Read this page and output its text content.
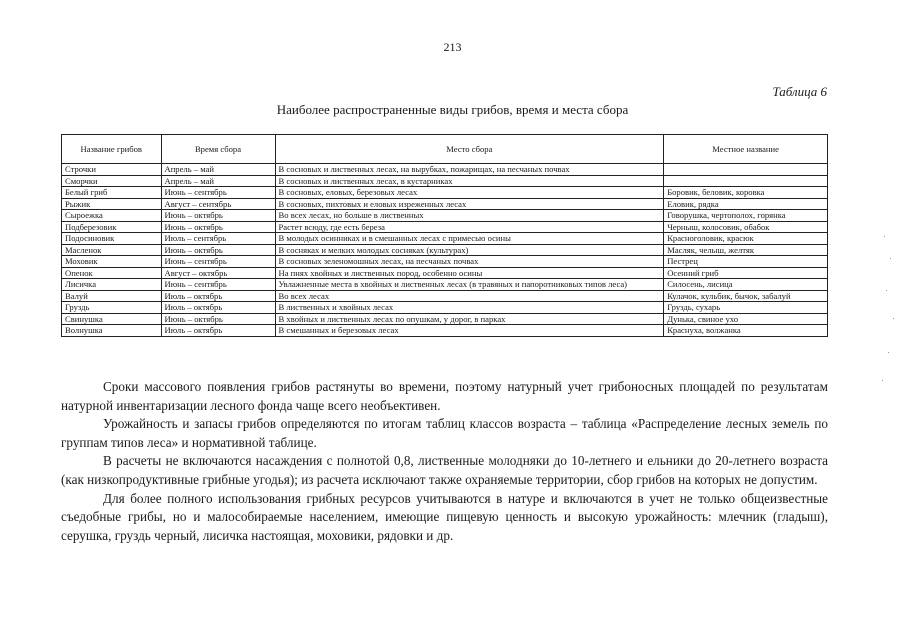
213
Таблица 6
Наиболее распространенные виды грибов, время и места сбора
Название грибов	Время сбора	Место сбора	Местное название
Строчки	Апрель – май	В сосновых и лиственных лесах, на вырубках, пожарищах, на песчаных почвах	
Сморчки	Апрель – май	В сосновых и лиственных лесах, в кустарниках	
Белый гриб	Июнь – сентябрь	В сосновых, еловых, березовых лесах	Боровик, беловик, коровка
Рыжик	Август – сентябрь	В сосновых, пихтовых и еловых изреженных лесах	Еловик, рядка
Сыроежка	Июнь – октябрь	Во всех лесах, но больше в лиственных	Говорушка, чертополох, горянка
Подберезовик	Июнь – октябрь	Растет всюду, где есть береза	Черныш, колосовик, обабок
Подосиновик	Июль – сентябрь	В молодых осинниках и в смешанных лесах с примесью осины	Красноголовик, красюк
Масленок	Июнь – октябрь	В сосняках и мелких молодых сосняках (культурах)	Масляк, челыш, желтяк
Моховик	Июнь – сентябрь	В сосновых зеленомошных лесах, на песчаных почвах	Пестрец
Опенок	Август – октябрь	На пнях хвойных и лиственных пород, особенно осины	Осенний гриб
Лисичка	Июнь – сентябрь	Увлажненные места в хвойных и лиственных лесах (в травяных и папоротниковых типов леса)	Силосень, лисица
Валуй	Июль – октябрь	Во всех лесах	Кулачок, кульбик, бычок, забалуй
Груздь	Июль – октябрь	В лиственных и хвойных лесах	Груздь, сухарь
Свинушка	Июнь – октябрь	В хвойных и лиственных лесах по опушкам, у дорог, в парках	Дунька, свиное ухо
Волнушка	Июль – октябрь	В смешанных и березовых лесах	Краснуха, волжанка

Сроки массового появления грибов растянуты во времени, поэтому натурный учет грибоносных площадей по результатам натурной инвентаризации лесного фонда чаще всего необъективен.

Урожайность и запасы грибов определяются по итогам таблиц классов возраста – таблица «Распределение лесных земель по группам типов леса» и нормативной таблице.

В расчеты не включаются насаждения с полнотой 0,8, лиственные молодняки до 10-летнего и ельники до 20-летнего возраста (как низкопродуктивные грибные угодья); из расчета исключают также охраняемые территории, сбор грибов на которых не допустим.

Для более полного использования грибных ресурсов учитываются в натуре и включаются в учет не только общеизвестные съедобные грибы, но и малособираемые населением, имеющие пищевую ценность и высокую урожайность: млечник (гладыш), серушка, груздь черный, лисичка настоящая, моховики, рядовки и др.
